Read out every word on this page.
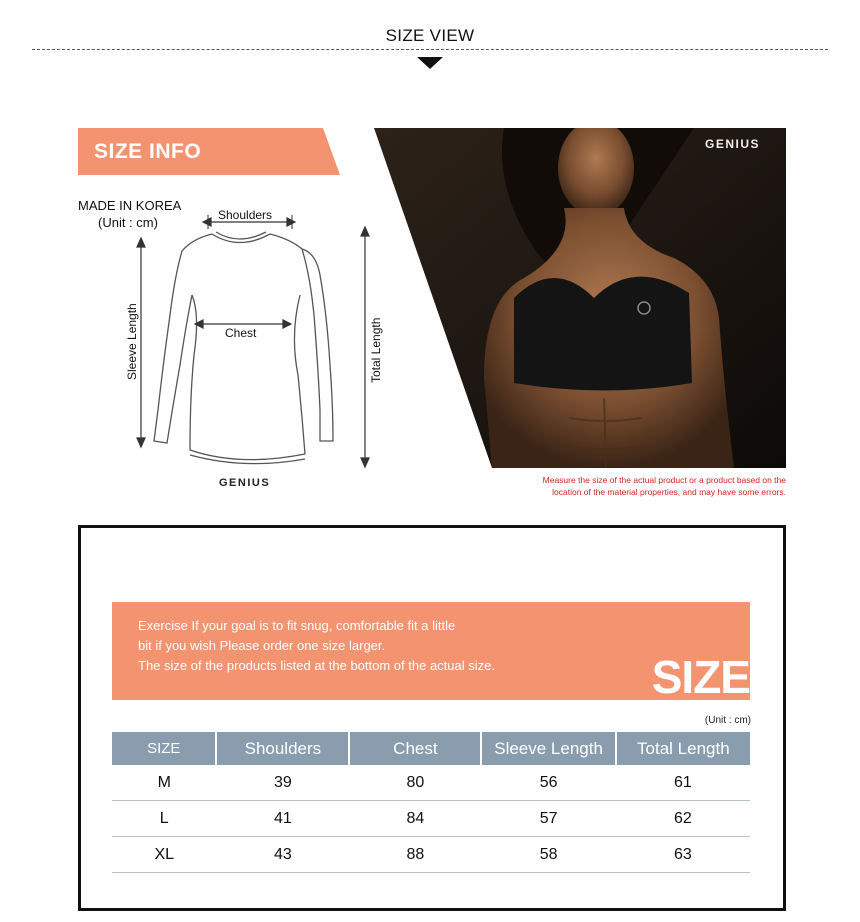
SIZE VIEW
SIZE INFO
MADE IN KOREA
(Unit : cm)	Shoulders
Chest
Sleeve Length	Total Length
GENIUS
GENIUS
Measure the size of the actual product or a product based on the
location of the material properties, and may have some errors.
Exercise If your goal is to fit snug, comfortable fit a little
bit if you wish Please order one size larger.
The size of the products listed at the bottom of the actual size.	SIZE
(Unit : cm)
SIZE	Shoulders	Chest	Sleeve Length	Total Length
M	39	80	56	61
L	41	84	57	62
XL	43	88	58	63
